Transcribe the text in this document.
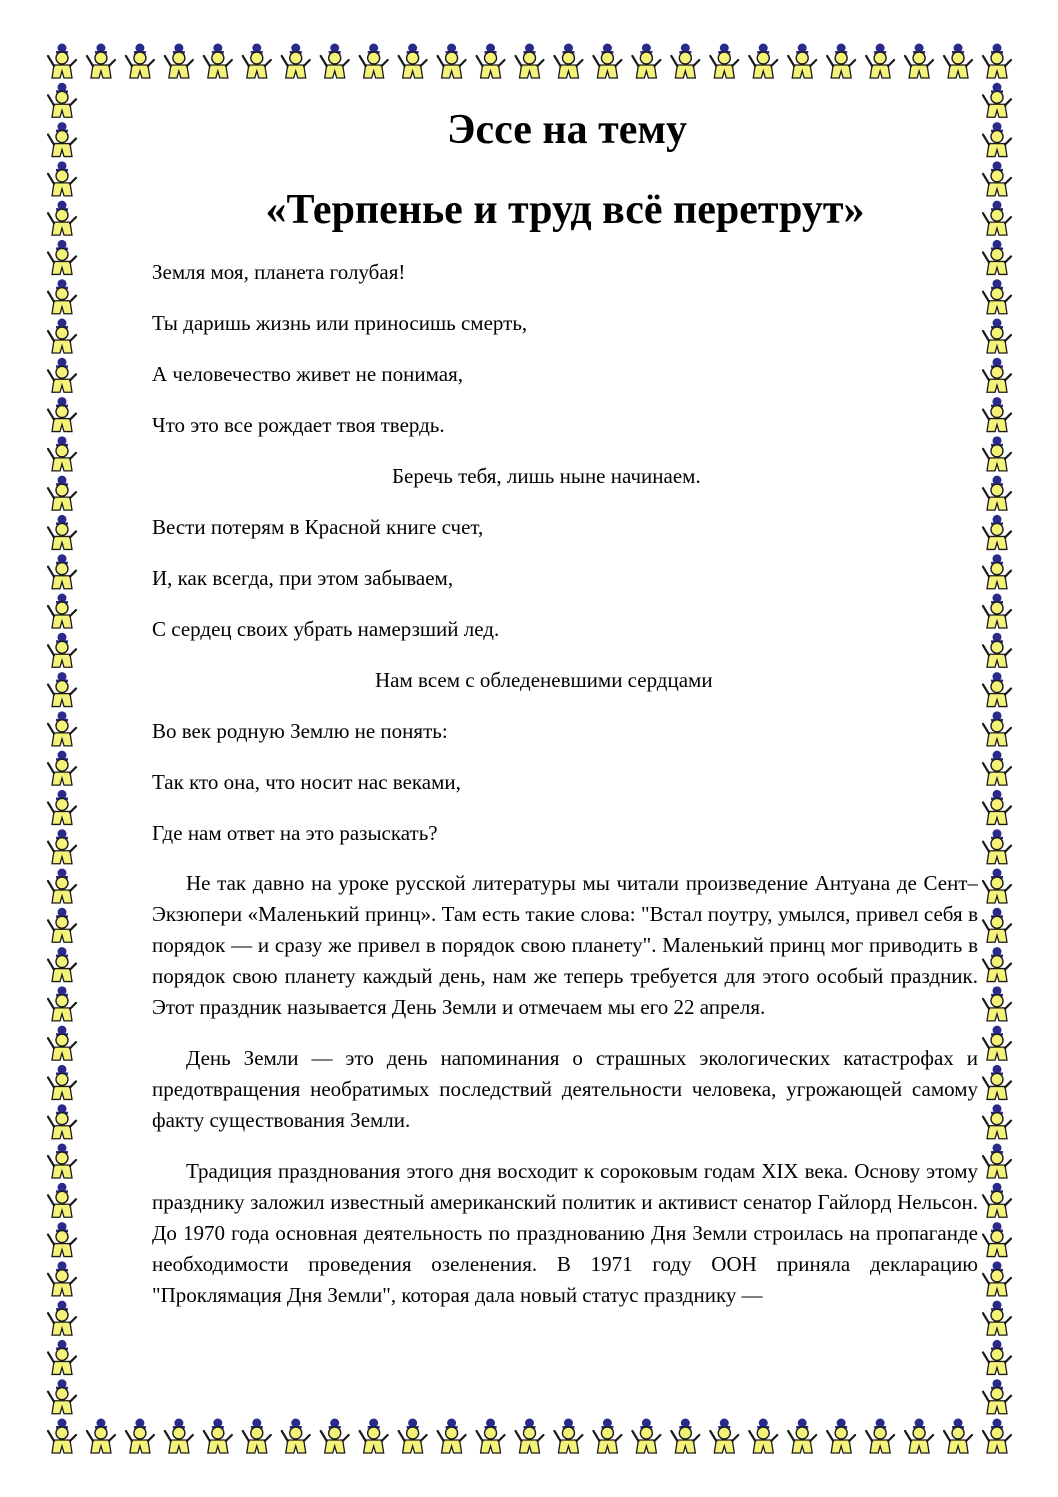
Эссе на тему
«Терпенье и труд всё перетрут»
Земля моя, планета голубая!
Ты даришь жизнь или приносишь смерть,
А человечество живет не понимая,
Что это все рождает твоя твердь.
Беречь тебя, лишь ныне начинаем.
Вести потерям в Красной книге счет,
И, как всегда, при этом забываем,
С сердец своих убрать намерзший лед.
Нам всем с обледеневшими сердцами
Во век родную Землю не понять:
Так кто она, что носит нас веками,
Где нам ответ на это разыскать?

Не так давно на уроке русской литературы мы читали произведение Антуана де Сент–Экзюпери «Маленький принц». Там есть такие слова: "Встал поутру, умылся, привел себя в порядок — и сразу же привел в порядок свою планету". Маленький принц мог приводить в порядок свою планету каждый день, нам же теперь требуется для этого особый праздник. Этот праздник называется День Земли и отмечаем мы его 22 апреля.

День Земли — это день напоминания о страшных экологических катастрофах и предотвращения необратимых последствий деятельности человека, угрожающей самому факту существования Земли.

Традиция празднования этого дня восходит к сороковым годам XIX века. Основу этому празднику заложил известный американский политик и активист сенатор Гайлорд Нельсон. До 1970 года основная деятельность по празднованию Дня Земли строилась на пропаганде необходимости проведения озеленения. В 1971 году ООН приняла декларацию "Проклямация Дня Земли", которая дала новый статус празднику —
